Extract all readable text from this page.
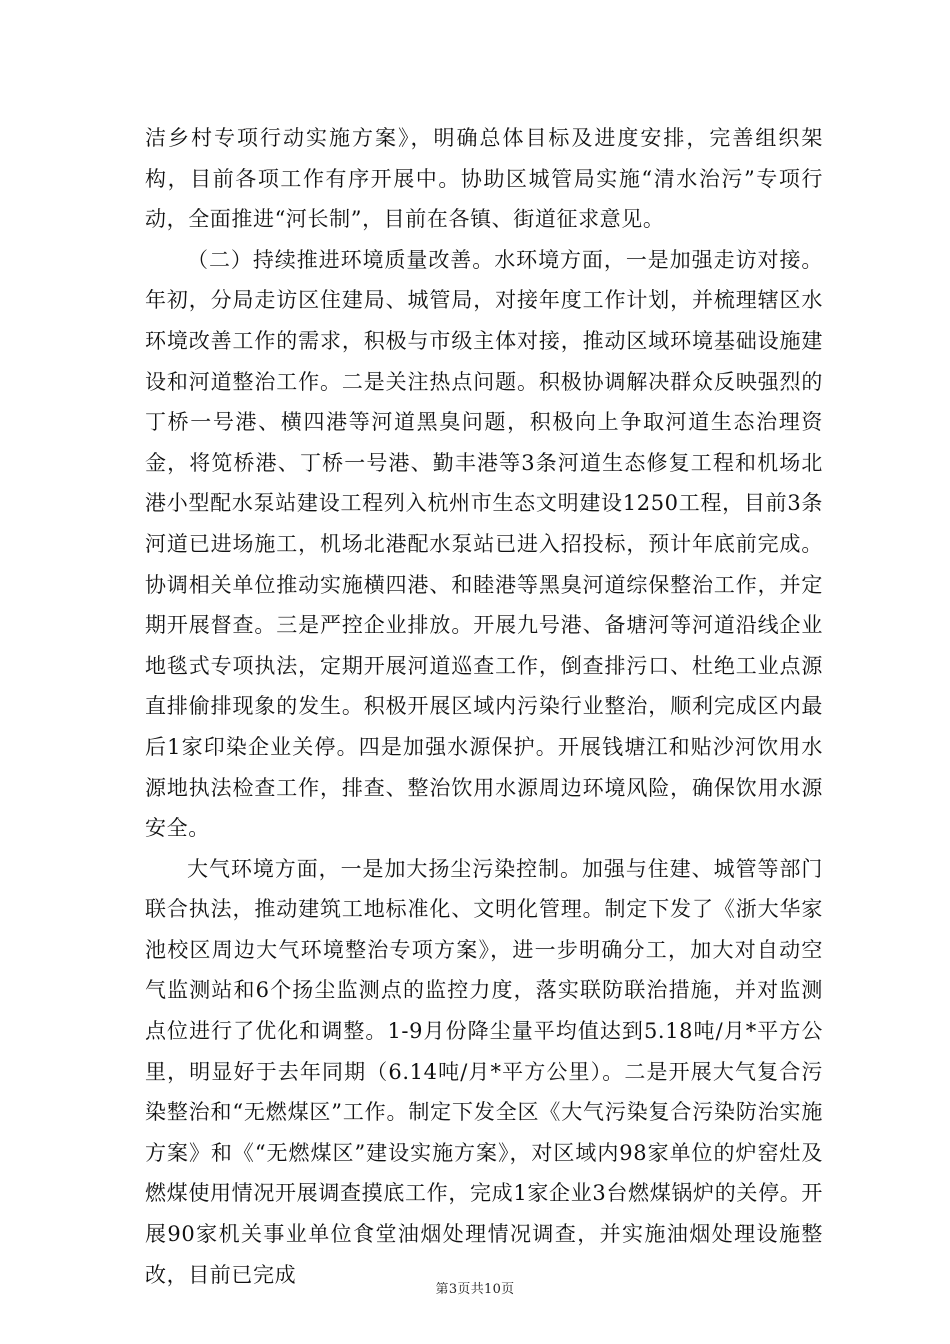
洁乡村专项行动实施方案》，明确总体目标及进度安排，完善组织架构，目前各项工作有序开展中。协助区城管局实施“清水治污”专项行动，全面推进“河长制”，目前在各镇、街道征求意见。

（二）持续推进环境质量改善。水环境方面，一是加强走访对接。年初，分局走访区住建局、城管局，对接年度工作计划，并梳理辖区水环境改善工作的需求，积极与市级主体对接，推动区域环境基础设施建设和河道整治工作。二是关注热点问题。积极协调解决群众反映强烈的丁桥一号港、横四港等河道黑臭问题，积极向上争取河道生态治理资金，将笕桥港、丁桥一号港、勤丰港等3条河道生态修复工程和机场北港小型配水泵站建设工程列入杭州市生态文明建设1250工程，目前3条河道已进场施工，机场北港配水泵站已进入招投标，预计年底前完成。协调相关单位推动实施横四港、和睦港等黑臭河道综保整治工作，并定期开展督查。三是严控企业排放。开展九号港、备塘河等河道沿线企业地毯式专项执法，定期开展河道巡查工作，倒查排污口、杜绝工业点源直排偷排现象的发生。积极开展区域内污染行业整治，顺利完成区内最后1家印染企业关停。四是加强水源保护。开展钱塘江和贴沙河饮用水源地执法检查工作，排查、整治饮用水源周边环境风险，确保饮用水源安全。

大气环境方面，一是加大扬尘污染控制。加强与住建、城管等部门联合执法，推动建筑工地标准化、文明化管理。制定下发了《浙大华家池校区周边大气环境整治专项方案》，进一步明确分工，加大对自动空气监测站和6个扬尘监测点的监控力度，落实联防联治措施，并对监测点位进行了优化和调整。1-9月份降尘量平均值达到5.18吨/月*平方公里，明显好于去年同期（6.14吨/月*平方公里）。二是开展大气复合污染整治和“无燃煤区”工作。制定下发全区《大气污染复合污染防治实施方案》和《“无燃煤区”建设实施方案》，对区域内98家单位的炉窑灶及燃煤使用情况开展调查摸底工作，完成1家企业3台燃煤锅炉的关停。开展90家机关事业单位食堂油烟处理情况调查，并实施油烟处理设施整改，目前已完成

第3页共10页
